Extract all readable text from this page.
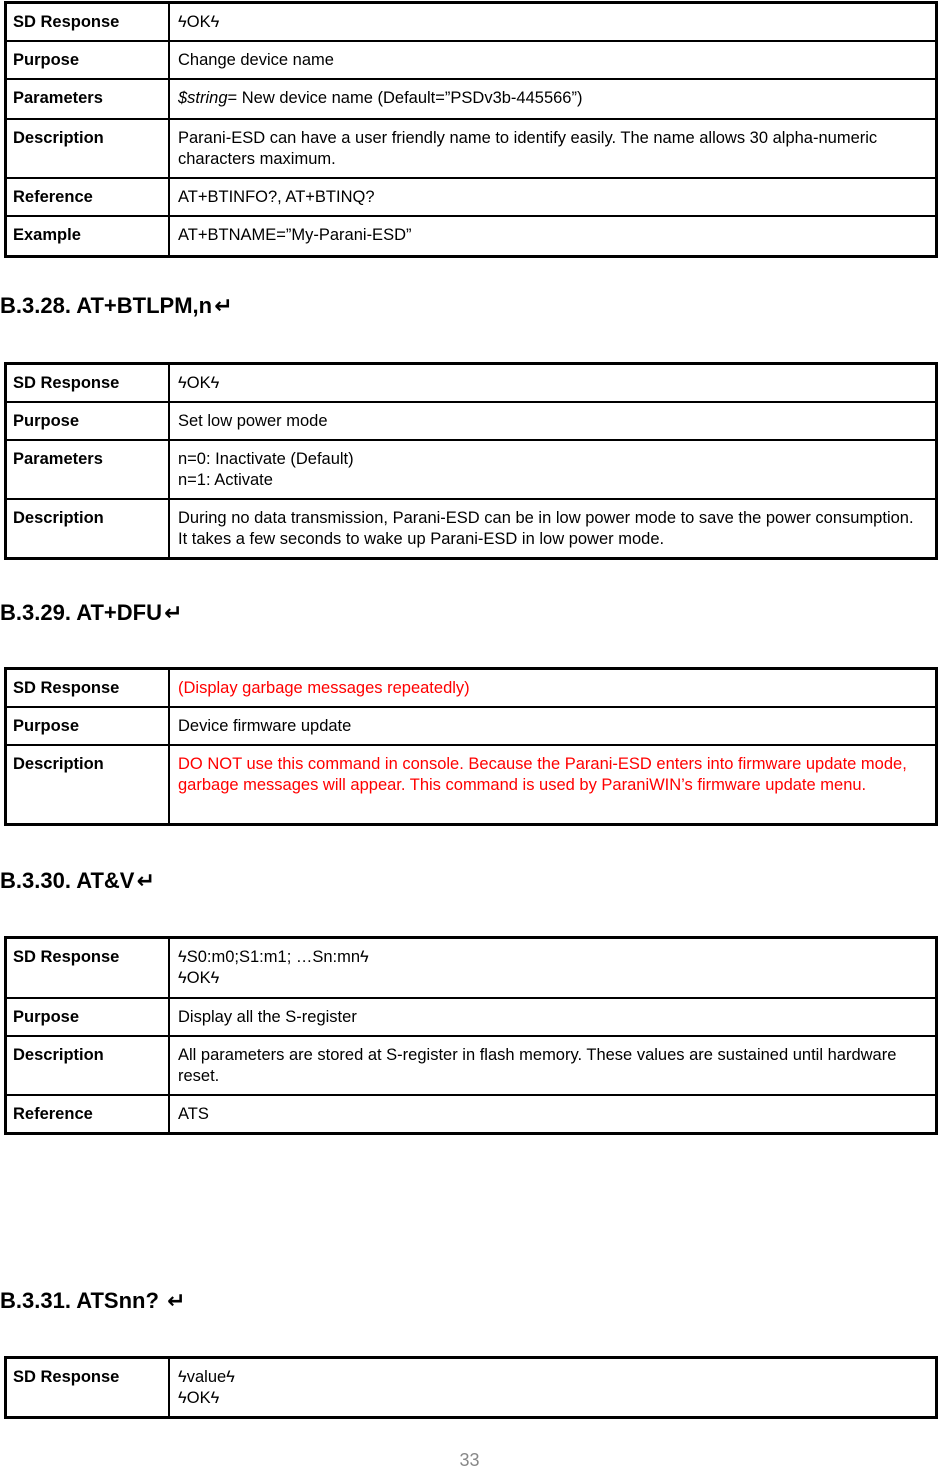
SD Response	ϟOKϟ
Purpose	Change device name
Parameters	$string= New device name (Default=”PSDv3b-445566”)
Description	Parani-ESD can have a user friendly name to identify easily. The name allows 30 alpha-numeric characters maximum.
Reference	AT+BTINFO?, AT+BTINQ?
Example	AT+BTNAME=”My-Parani-ESD”
B.3.28. AT+BTLPM,n↵
SD Response	ϟOKϟ
Purpose	Set low power mode
Parameters	n=0: Inactivate (Default)
n=1: Activate

Description	During no data transmission, Parani-ESD can be in low power mode to save the power consumption. It takes a few seconds to wake up Parani-ESD in low power mode.
B.3.29. AT+DFU↵
SD Response	(Display garbage messages repeatedly)
Purpose	Device firmware update
Description	DO NOT use this command in console. Because the Parani-ESD enters into firmware update mode, garbage messages will appear. This command is used by ParaniWIN’s firmware update menu.
B.3.30. AT&V↵
SD Response	ϟS0:m0;S1:m1; …Sn:mnϟ
ϟOKϟ

Purpose	Display all the S-register
Description	All parameters are stored at S-register in flash memory. These values are sustained until hardware reset.
Reference	ATS
B.3.31. ATSnn? ↵
SD Response	ϟvalueϟ
ϟOKϟ
33
